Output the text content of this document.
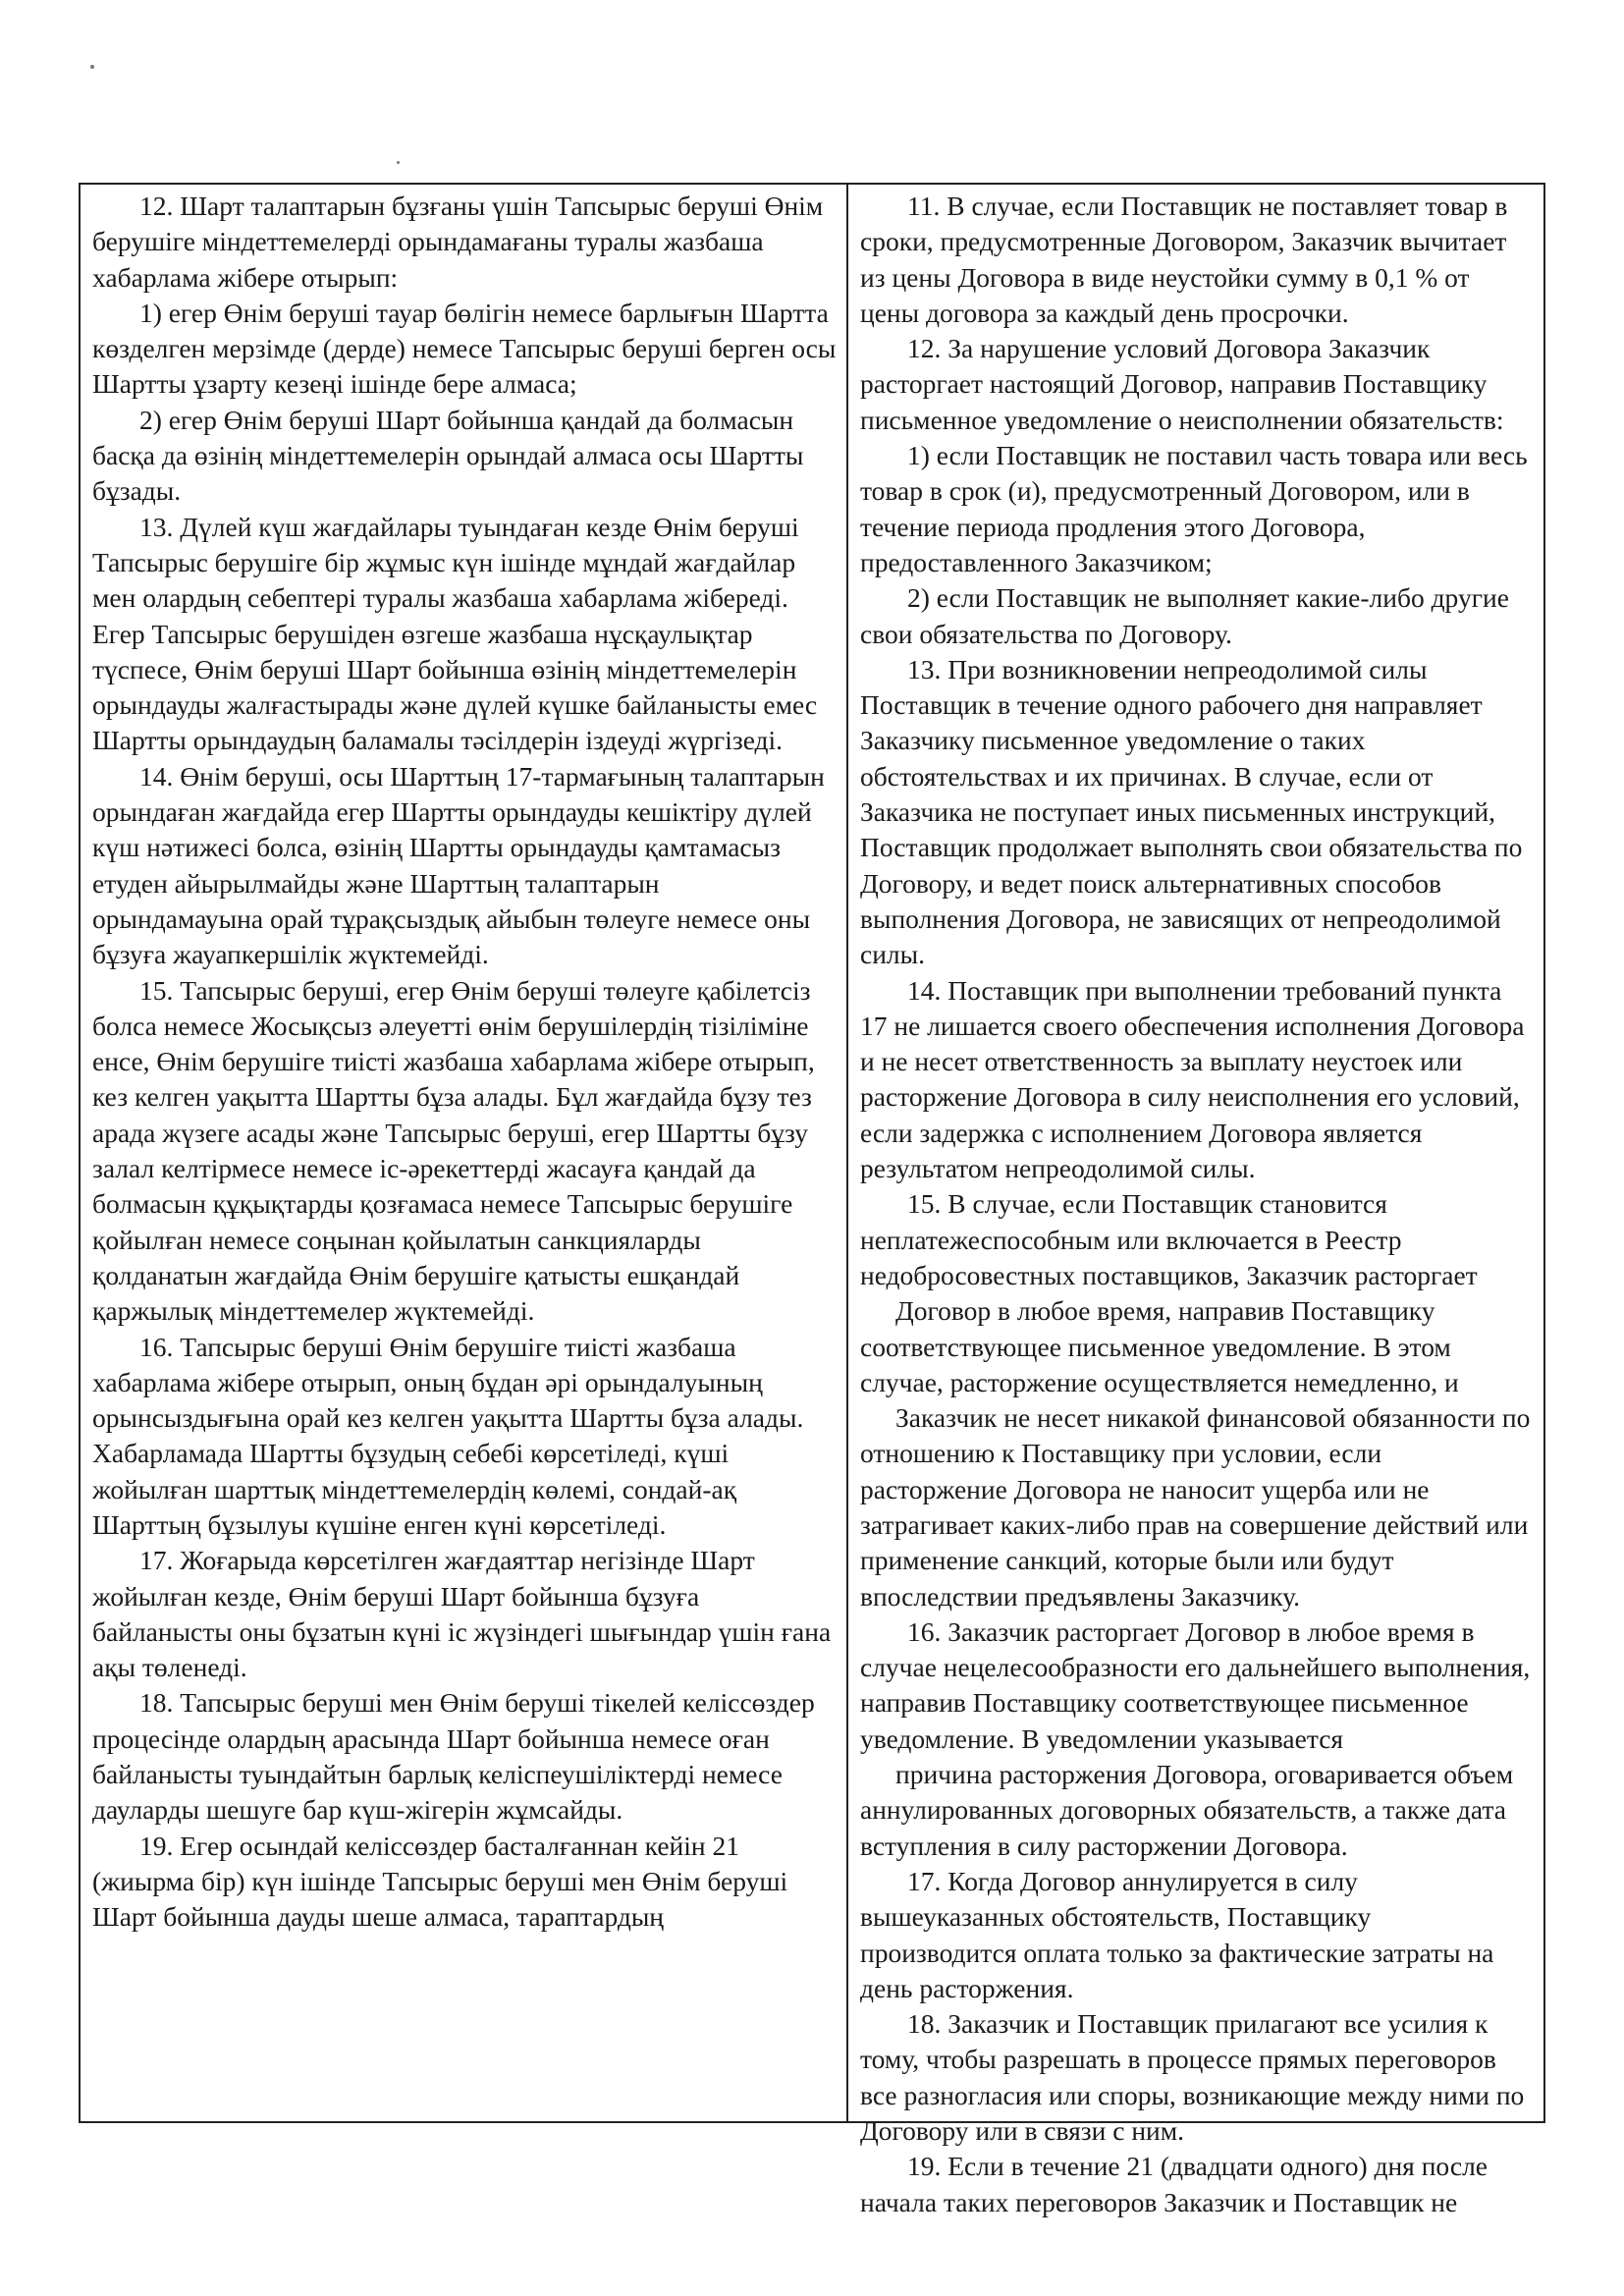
12. Шарт талаптарын бұзғаны үшін Тапсырыс беруші Өнім берушіге міндеттемелерді орындамағаны туралы жазбаша хабарлама жібере отырып:

1) егер Өнім беруші тауар бөлігін немесе барлығын Шартта көзделген мерзімде (дерде) немесе Тапсырыс беруші берген осы Шартты ұзарту кезеңі ішінде бере алмаса;

2) егер Өнім беруші Шарт бойынша қандай да болмасын басқа да өзінің міндеттемелерін орындай алмаса осы Шартты бұзады.

13. Дүлей күш жағдайлары туындаған кезде Өнім беруші Тапсырыс берушіге бір жұмыс күн ішінде мұндай жағдайлар мен олардың себептері туралы жазбаша хабарлама жібереді. Егер Тапсырыс берушіден өзгеше жазбаша нұсқаулықтар түспесе, Өнім беруші Шарт бойынша өзінің міндеттемелерін орындауды жалғастырады және дүлей күшке байланысты емес Шартты орындаудың баламалы тәсілдерін іздеуді жүргізеді.

14. Өнім беруші, осы Шарттың 17-тармағының талаптарын орындаған жағдайда егер Шартты орындауды кешіктіру дүлей күш нәтижесі болса, өзінің Шартты орындауды қамтамасыз етуден айырылмайды және Шарттың талаптарын орындамауына орай тұрақсыздық айыбын төлеуге немесе оны бұзуға жауапкершілік жүктемейді.

15. Тапсырыс беруші, егер Өнім беруші төлеуге қабілетсіз болса немесе Жосықсыз әлеуетті өнім берушілердің тізіліміне енсе, Өнім берушіге тиісті жазбаша хабарлама жібере отырып, кез келген уақытта Шартты бұза алады. Бұл жағдайда бұзу тез арада жүзеге асады және Тапсырыс беруші, егер Шартты бұзу залал келтірмесе немесе іс-әрекеттерді жасауға қандай да болмасын құқықтарды қозғамаса немесе Тапсырыс берушіге қойылған немесе соңынан қойылатын санкцияларды қолданатын жағдайда Өнім берушіге қатысты ешқандай қаржылық міндеттемелер жүктемейді.

16. Тапсырыс беруші Өнім берушіге тиісті жазбаша хабарлама жібере отырып, оның бұдан әрі орындалуының орынсыздығына орай кез келген уақытта Шартты бұза алады. Хабарламада Шартты бұзудың себебі көрсетіледі, күші жойылған шарттық міндеттемелердің көлемі, сондай-ақ Шарттың бұзылуы күшіне енген күні көрсетіледі.

17. Жоғарыда көрсетілген жағдаяттар негізінде Шарт жойылған кезде, Өнім беруші Шарт бойынша бұзуға байланысты оны бұзатын күні іс жүзіндегі шығындар үшін ғана ақы төленеді.

18. Тапсырыс беруші мен Өнім беруші тікелей келіссөздер процесінде олардың арасында Шарт бойынша немесе оған байланысты туындайтын барлық келіспеушіліктерді немесе дауларды шешуге бар күш-жігерін жұмсайды.

19. Егер осындай келіссөздер басталғаннан кейін 21 (жиырма бір) күн ішінде Тапсырыс беруші мен Өнім беруші Шарт бойынша дауды шеше алмаса, тараптардың

11. В случае, если Поставщик не поставляет товар в сроки, предусмотренные Договором, Заказчик вычитает из цены Договора в виде неустойки сумму в 0,1 % от цены договора за каждый день просрочки.

12. За нарушение условий Договора Заказчик расторгает настоящий Договор, направив Поставщику письменное уведомление о неисполнении обязательств:

1) если Поставщик не поставил часть товара или весь товар в срок (и), предусмотренный Договором, или в течение периода продления этого Договора, предоставленного Заказчиком;

2) если Поставщик не выполняет какие-либо другие свои обязательства по Договору.

13. При возникновении непреодолимой силы Поставщик в течение одного рабочего дня направляет Заказчику письменное уведомление о таких обстоятельствах и их причинах. В случае, если от Заказчика не поступает иных письменных инструкций, Поставщик продолжает выполнять свои обязательства по Договору, и ведет поиск альтернативных способов выполнения Договора, не зависящих от непреодолимой силы.

14. Поставщик при выполнении требований пункта 17 не лишается своего обеспечения исполнения Договора и не несет ответственность за выплату неустоек или расторжение Договора в силу неисполнения его условий, если задержка с исполнением Договора является результатом непреодолимой силы.

15. В случае, если Поставщик становится неплатежеспособным или включается в Реестр недобросовестных поставщиков, Заказчик расторгает

Договор в любое время, направив Поставщику соответствующее письменное уведомление. В этом случае, расторжение осуществляется немедленно, и

Заказчик не несет никакой финансовой обязанности по отношению к Поставщику при условии, если расторжение Договора не наносит ущерба или не затрагивает каких-либо прав на совершение действий или применение санкций, которые были или будут впоследствии предъявлены Заказчику.

16. Заказчик расторгает Договор в любое время в случае нецелесообразности его дальнейшего выполнения, направив Поставщику соответствующее письменное уведомление. В уведомлении указывается

причина расторжения Договора, оговаривается объем аннулированных договорных обязательств, а также дата вступления в силу расторжении Договора.

17. Когда Договор аннулируется в силу вышеуказанных обстоятельств, Поставщику производится оплата только за фактические затраты на день расторжения.

18. Заказчик и Поставщик прилагают все усилия к тому, чтобы разрешать в процессе прямых переговоров все разногласия или споры, возникающие между ними по Договору или в связи с ним.

19. Если в течение 21 (двадцати одного) дня после начала таких переговоров Заказчик и Поставщик не
